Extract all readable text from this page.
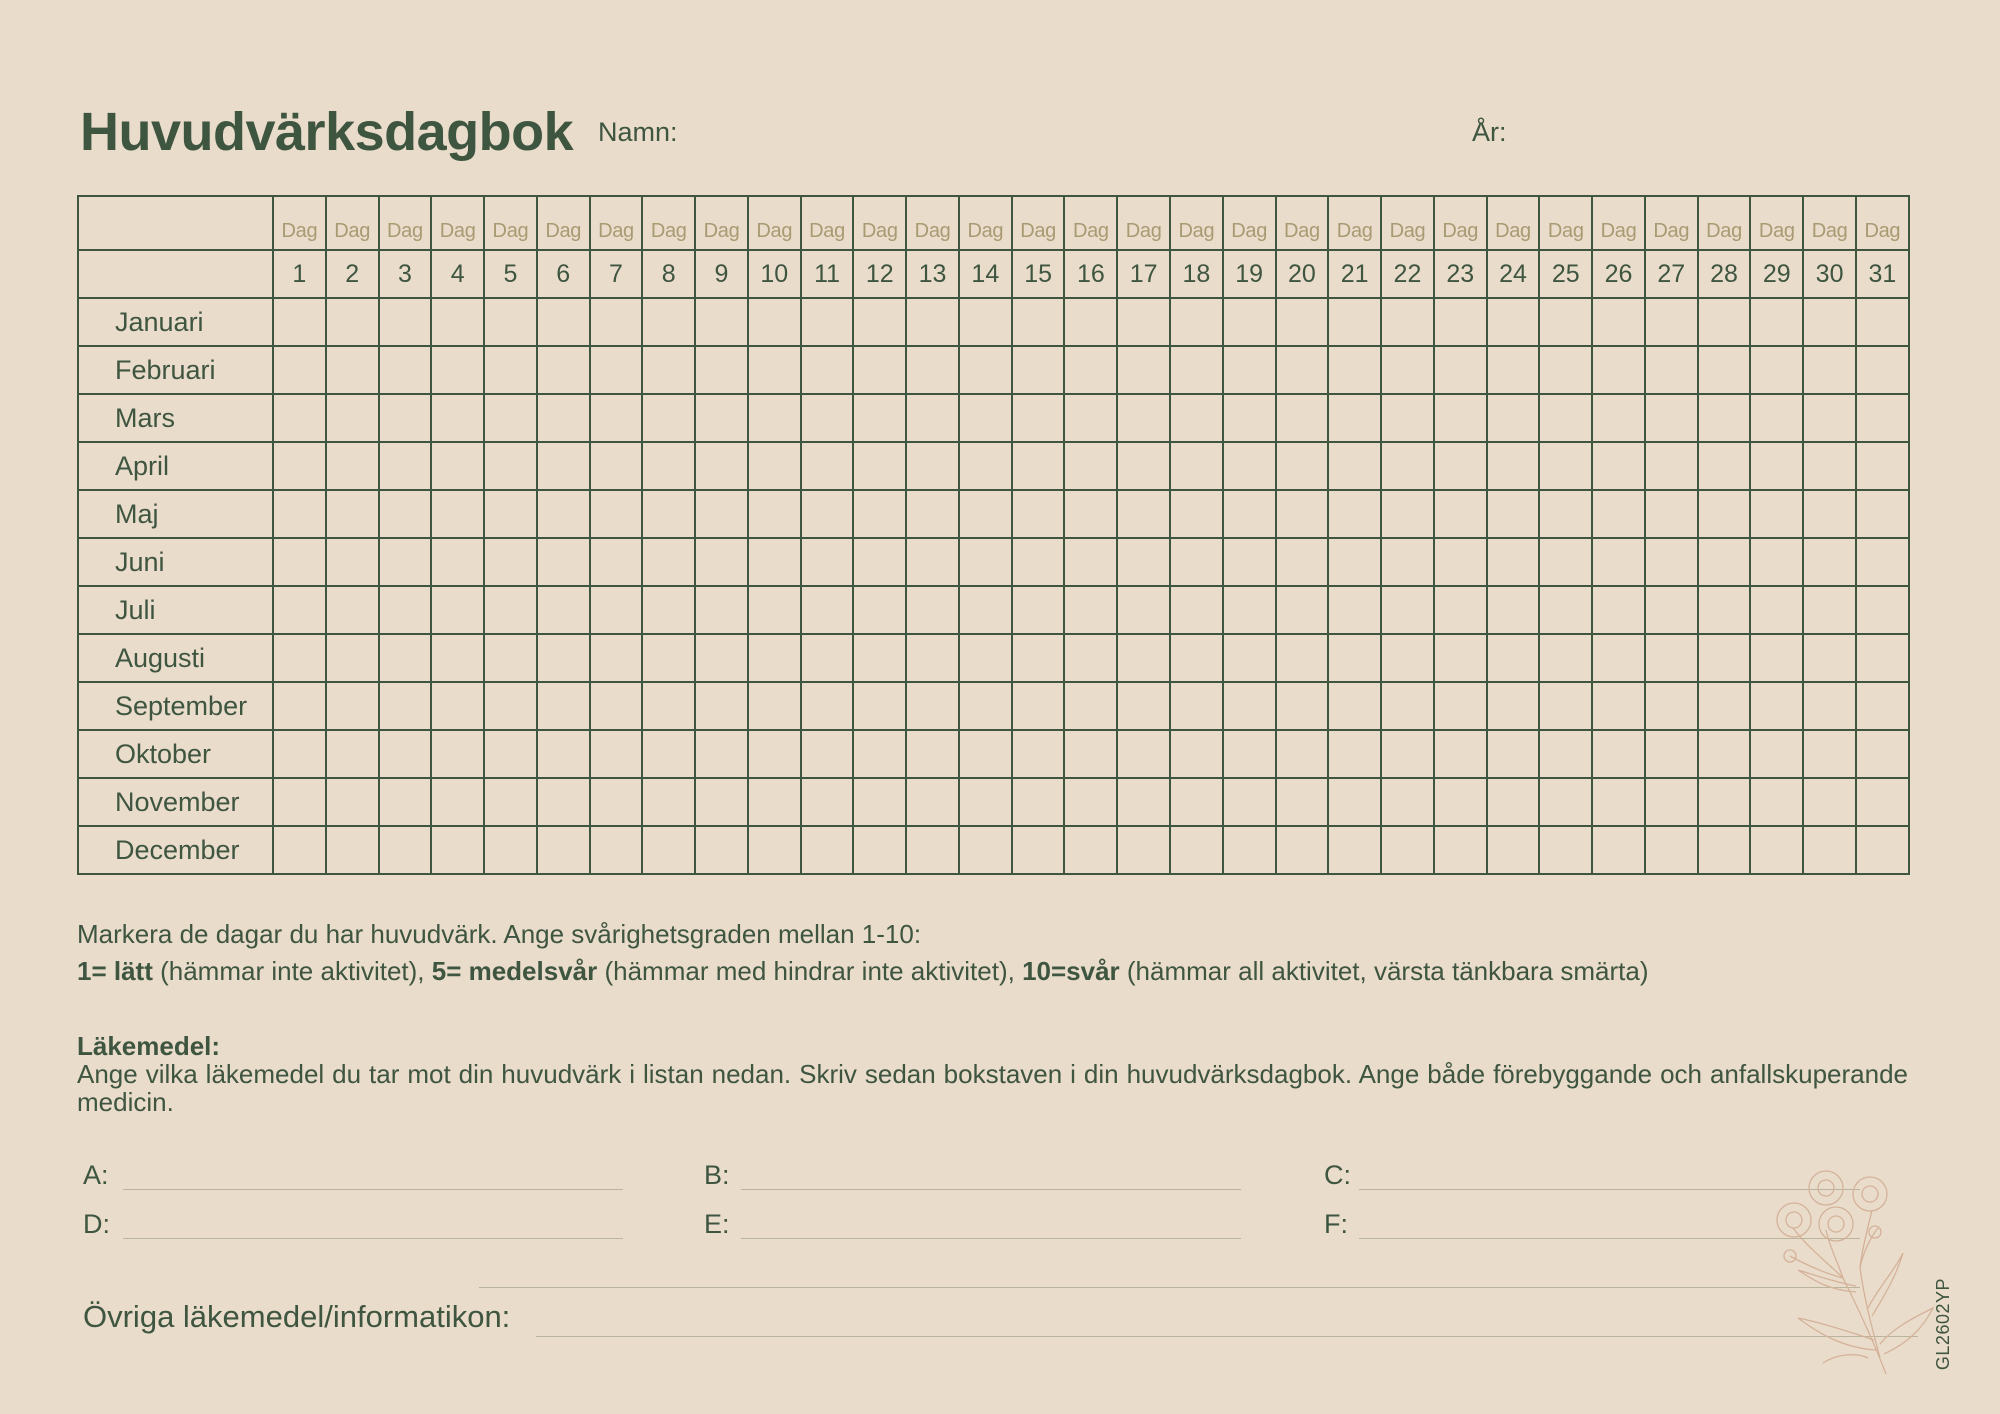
Huvudvärksdagbok Namn:	År:
	Dag	Dag	Dag	Dag	Dag	Dag	Dag	Dag	Dag	Dag	Dag	Dag	Dag	Dag	Dag	Dag	Dag	Dag	Dag	Dag	Dag	Dag	Dag	Dag	Dag	Dag	Dag	Dag	Dag	Dag	Dag
	1	2	3	4	5	6	7	8	9	10	11	12	13	14	15	16	17	18	19	20	21	22	23	24	25	26	27	28	29	30	31
Januari																															
Februari																															
Mars																															
April																															
Maj																															
Juni																															
Juli																															
Augusti																															
September																															
Oktober																															
November																															
December																															
Markera de dagar du har huvudvärk. Ange svårighetsgraden mellan 1-10:
1= lätt (hämmar inte aktivitet), 5= medelsvår (hämmar med hindrar inte aktivitet), 10=svår (hämmar all aktivitet, värsta tänkbara smärta)
Läkemedel:
Ange vilka läkemedel du tar mot din huvudvärk i listan nedan. Skriv sedan bokstaven i din huvudvärksdagbok. Ange både förebyggande och anfallskuperande medicin.
A:	B:	C:
D:	E:	F:
Övriga läkemedel/informatikon:	GL2602YP
